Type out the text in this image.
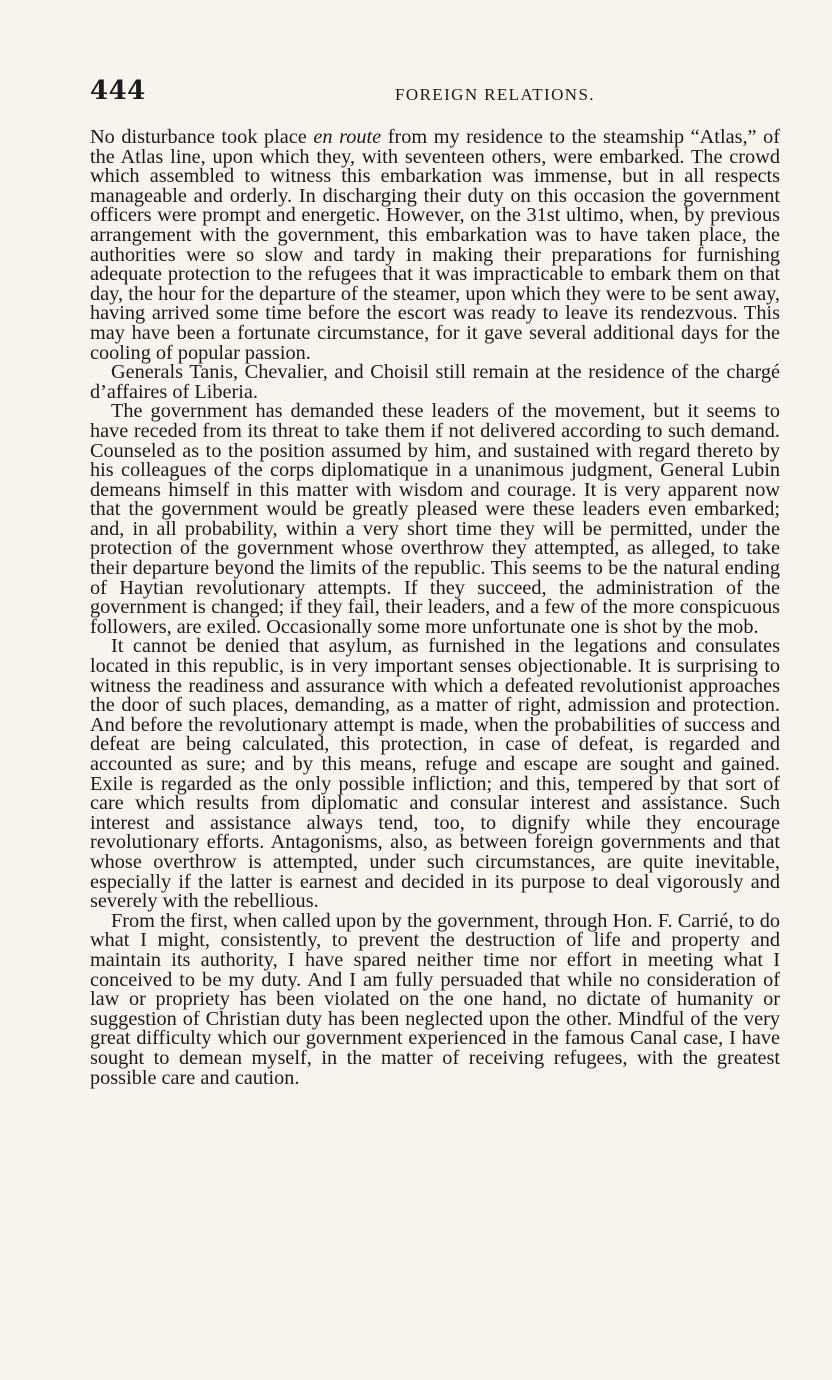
444	FOREIGN RELATIONS.

No disturbance took place en route from my residence to the steamship “Atlas,” of the Atlas line, upon which they, with seventeen others, were embarked. The crowd which assembled to witness this embarkation was immense, but in all respects manageable and orderly. In discharging their duty on this occasion the government officers were prompt and energetic. However, on the 31st ultimo, when, by previous arrangement with the government, this embarkation was to have taken place, the authorities were so slow and tardy in making their preparations for furnishing adequate protection to the refugees that it was impracticable to embark them on that day, the hour for the departure of the steamer, upon which they were to be sent away, having arrived some time before the escort was ready to leave its rendezvous. This may have been a fortunate circumstance, for it gave several additional days for the cooling of popular passion.

Generals Tanis, Chevalier, and Choisil still remain at the residence of the chargé d’affaires of Liberia.

The government has demanded these leaders of the movement, but it seems to have receded from its threat to take them if not delivered according to such demand. Counseled as to the position assumed by him, and sustained with regard thereto by his colleagues of the corps diplomatique in a unanimous judgment, General Lubin demeans himself in this matter with wisdom and courage. It is very apparent now that the government would be greatly pleased were these leaders even embarked; and, in all probability, within a very short time they will be permitted, under the protection of the government whose overthrow they attempted, as alleged, to take their departure beyond the limits of the republic. This seems to be the natural ending of Haytian revolutionary attempts. If they succeed, the administration of the government is changed; if they fail, their leaders, and a few of the more conspicuous followers, are exiled. Occasionally some more unfortunate one is shot by the mob.

It cannot be denied that asylum, as furnished in the legations and consulates located in this republic, is in very important senses objectionable. It is surprising to witness the readiness and assurance with which a defeated revolutionist approaches the door of such places, demanding, as a matter of right, admission and protection. And before the revolutionary attempt is made, when the probabilities of success and defeat are being calculated, this protection, in case of defeat, is regarded and accounted as sure; and by this means, refuge and escape are sought and gained. Exile is regarded as the only possible infliction; and this, tempered by that sort of care which results from diplomatic and consular interest and assistance. Such interest and assistance always tend, too, to dignify while they encourage revolutionary efforts. Antagonisms, also, as between foreign governments and that whose overthrow is attempted, under such circumstances, are quite inevitable, especially if the latter is earnest and decided in its purpose to deal vigorously and severely with the rebellious.

From the first, when called upon by the government, through Hon. F. Carrié, to do what I might, consistently, to prevent the destruction of life and property and maintain its authority, I have spared neither time nor effort in meeting what I conceived to be my duty. And I am fully persuaded that while no consideration of law or propriety has been violated on the one hand, no dictate of humanity or suggestion of Christian duty has been neglected upon the other. Mindful of the very great difficulty which our government experienced in the famous Canal case, I have sought to demean myself, in the matter of receiving refugees, with the greatest possible care and caution.
